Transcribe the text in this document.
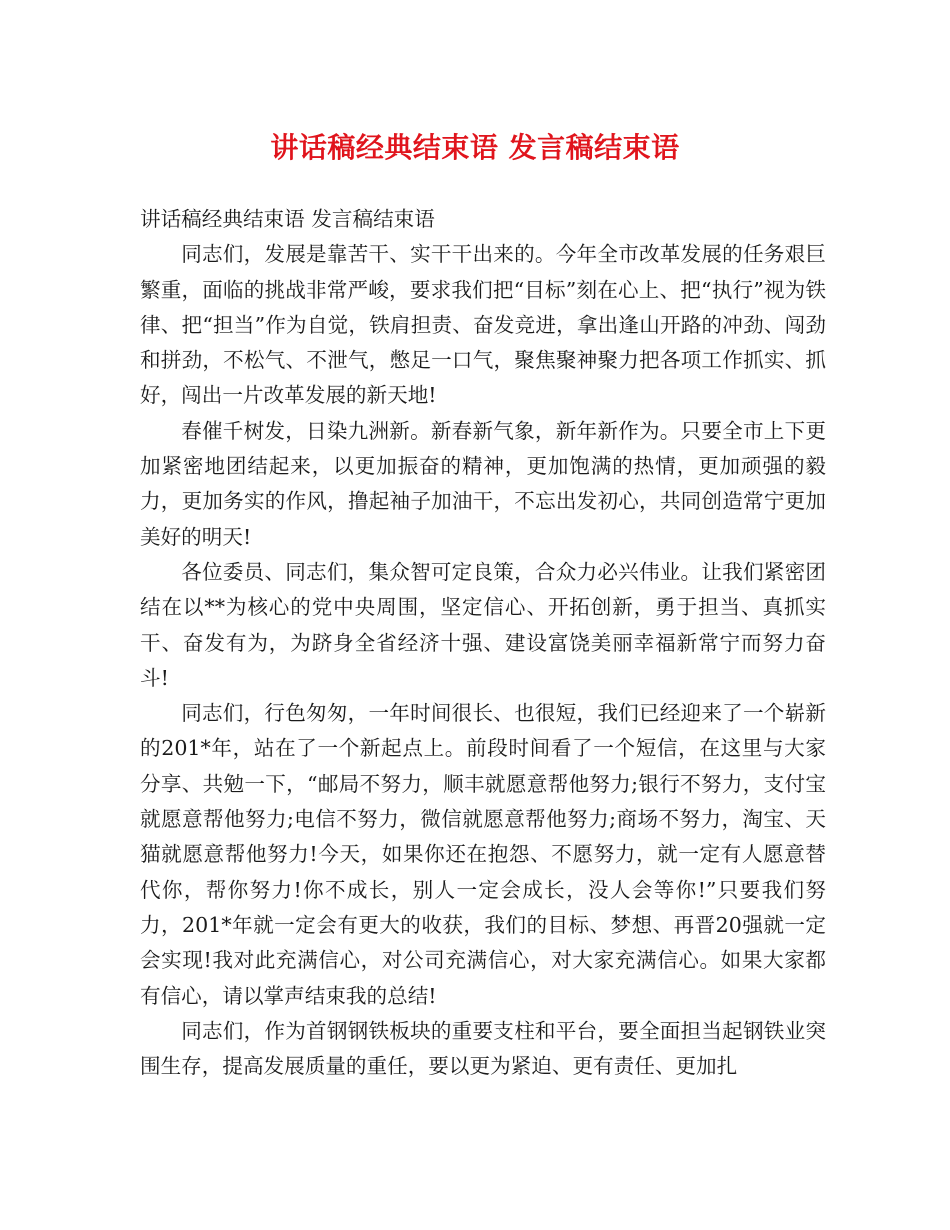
讲话稿经典结束语 发言稿结束语

讲话稿经典结束语 发言稿结束语

同志们，发展是靠苦干、实干干出来的。今年全市改革发展的任务艰巨繁重，面临的挑战非常严峻，要求我们把“目标”刻在心上、把“执行”视为铁律、把“担当”作为自觉，铁肩担责、奋发竞进，拿出逢山开路的冲劲、闯劲和拼劲，不松气、不泄气，憋足一口气，聚焦聚神聚力把各项工作抓实、抓好，闯出一片改革发展的新天地!

春催千树发，日染九洲新。新春新气象，新年新作为。只要全市上下更加紧密地团结起来，以更加振奋的精神，更加饱满的热情，更加顽强的毅力，更加务实的作风，撸起袖子加油干，不忘出发初心，共同创造常宁更加美好的明天!

各位委员、同志们，集众智可定良策，合众力必兴伟业。让我们紧密团结在以**为核心的党中央周围，坚定信心、开拓创新，勇于担当、真抓实干、奋发有为，为跻身全省经济十强、建设富饶美丽幸福新常宁而努力奋斗!

同志们，行色匆匆，一年时间很长、也很短，我们已经迎来了一个崭新的201*年，站在了一个新起点上。前段时间看了一个短信，在这里与大家分享、共勉一下，“邮局不努力，顺丰就愿意帮他努力;银行不努力，支付宝就愿意帮他努力;电信不努力，微信就愿意帮他努力;商场不努力，淘宝、天猫就愿意帮他努力!今天，如果你还在抱怨、不愿努力，就一定有人愿意替代你，帮你努力!你不成长，别人一定会成长，没人会等你!”只要我们努力，201*年就一定会有更大的收获，我们的目标、梦想、再晋20强就一定会实现!我对此充满信心，对公司充满信心，对大家充满信心。如果大家都有信心，请以掌声结束我的总结!

同志们，作为首钢钢铁板块的重要支柱和平台，要全面担当起钢铁业突围生存，提高发展质量的重任，要以更为紧迫、更有责任、更加扎
